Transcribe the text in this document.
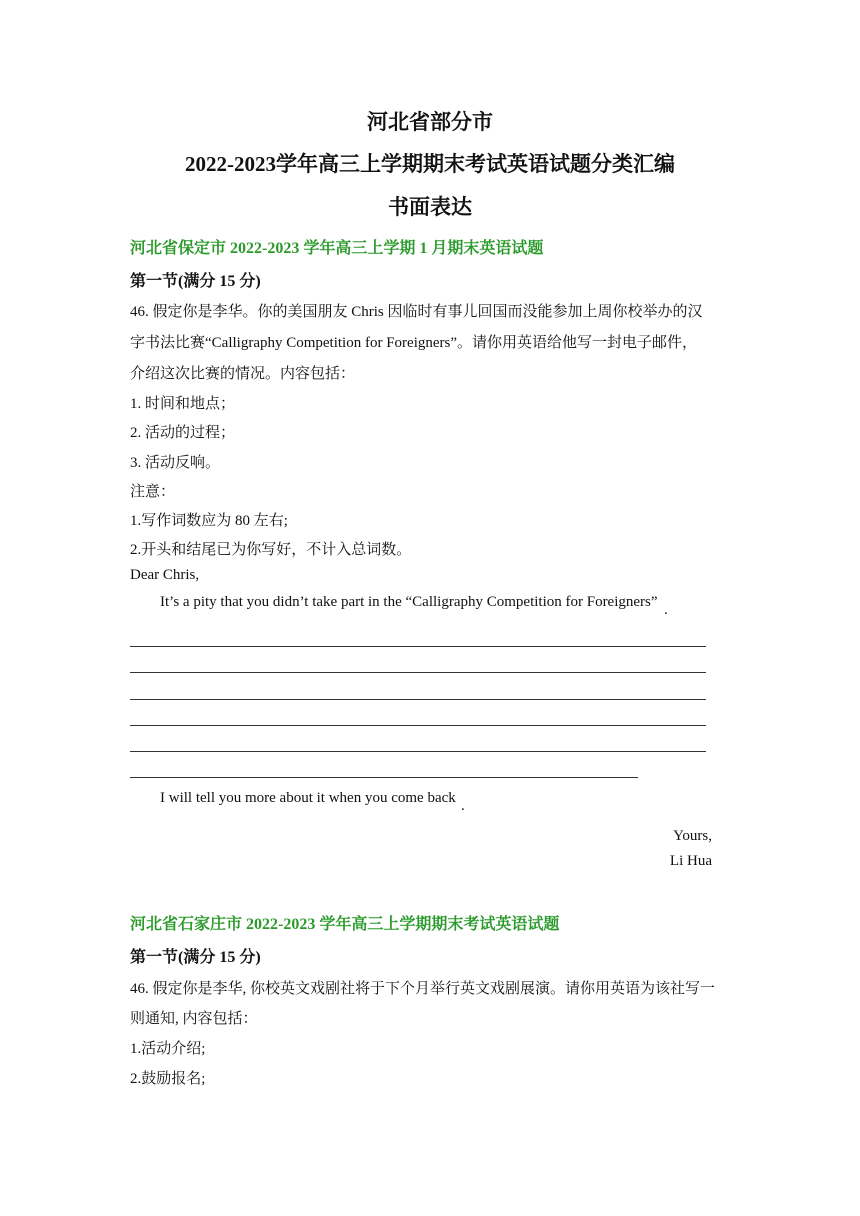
河北省部分市
2022-2023学年高三上学期期末考试英语试题分类汇编
书面表达
河北省保定市 2022-2023 学年高三上学期 1 月期末英语试题
第一节(满分 15 分)
46. 假定你是李华。你的美国朋友 Chris 因临时有事儿回国而没能参加上周你校举办的汉
字书法比赛“Calligraphy Competition for Foreigners”。请你用英语给他写一封电子邮件，
介绍这次比赛的情况。内容包括：
1. 时间和地点；
2. 活动的过程；
3. 活动反响。
注意：
1.写作词数应为 80 左右;
2.开头和结尾已为你写好，不计入总词数。
Dear Chris,
It’s a pity that you didn’t take part in the “Calligraphy Competition for Foreigners” .
I will tell you more about it when you come back .
Yours,
Li Hua
河北省石家庄市 2022-2023 学年高三上学期期末考试英语试题
第一节(满分 15 分)
46. 假定你是李华, 你校英文戏剧社将于下个月举行英文戏剧展演。请你用英语为该社写一
则通知, 内容包括：
1.活动介绍;
2.鼓励报名;
